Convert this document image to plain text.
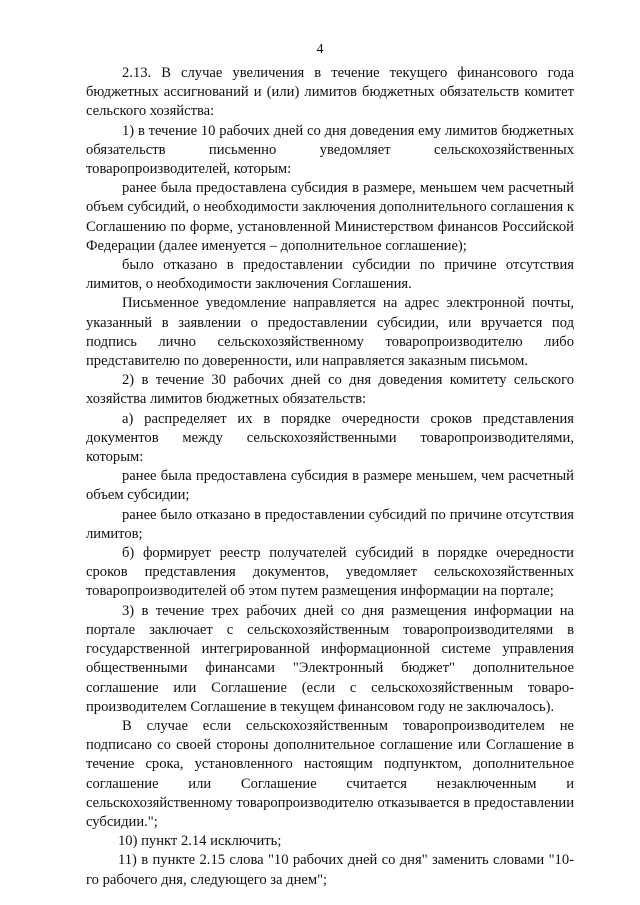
4

2.13. В случае увеличения в течение текущего финансового года бюджетных ассигнований и (или) лимитов бюджетных обязательств комитет сельского хозяйства:

1) в течение 10 рабочих дней со дня доведения ему лимитов бюджетных обязательств письменно уведомляет сельскохозяйственных товаропроизводителей, которым:

ранее была предоставлена субсидия в размере, меньшем чем расчетный объем субсидий, о необходимости заключения дополнительного соглашения к Соглашению по форме, установленной Министерством финансов Российской Федерации (далее именуется – дополнительное соглашение);

было отказано в предоставлении субсидии по причине отсутствия лимитов, о необходимости заключения Соглашения.

Письменное уведомление направляется на адрес электронной почты, указанный в заявлении о предоставлении субсидии, или вручается под подпись лично сельскохозяйственному товаропроизводителю либо представителю по доверенности, или направляется заказным письмом.

2) в течение 30 рабочих дней со дня доведения комитету сельского хозяйства лимитов бюджетных обязательств:

а) распределяет их в порядке очередности сроков представления документов между сельскохозяйственными товаропроизводителями, которым:

ранее была предоставлена субсидия в размере меньшем, чем расчетный объем субсидии;

ранее было отказано в предоставлении субсидий по причине отсутствия лимитов;

б) формирует реестр получателей субсидий в порядке очередности сроков представления документов, уведомляет сельскохозяйственных товаропроизводителей об этом путем размещения информации на портале;

3) в течение трех рабочих дней со дня размещения информации на портале заключает с сельскохозяйственным товаропроизводителями в государственной интегрированной информационной системе управления общественными финансами "Электронный бюджет" дополнительное соглашение или Соглашение (если с сельскохозяйственным товаропроизводителем Соглашение в текущем финансовом году не заключалось).

В случае если сельскохозяйственным товаропроизводителем не подписано со своей стороны дополнительное соглашение или Соглашение в течение срока, установленного настоящим подпунктом, дополнительное соглашение или Соглашение считается незаключенным и сельскохозяйственному товаропроизводителю отказывается в предоставлении субсидии.";

10) пункт 2.14 исключить;

11) в пункте 2.15 слова "10 рабочих дней со дня" заменить словами "10-го рабочего дня, следующего за днем";
